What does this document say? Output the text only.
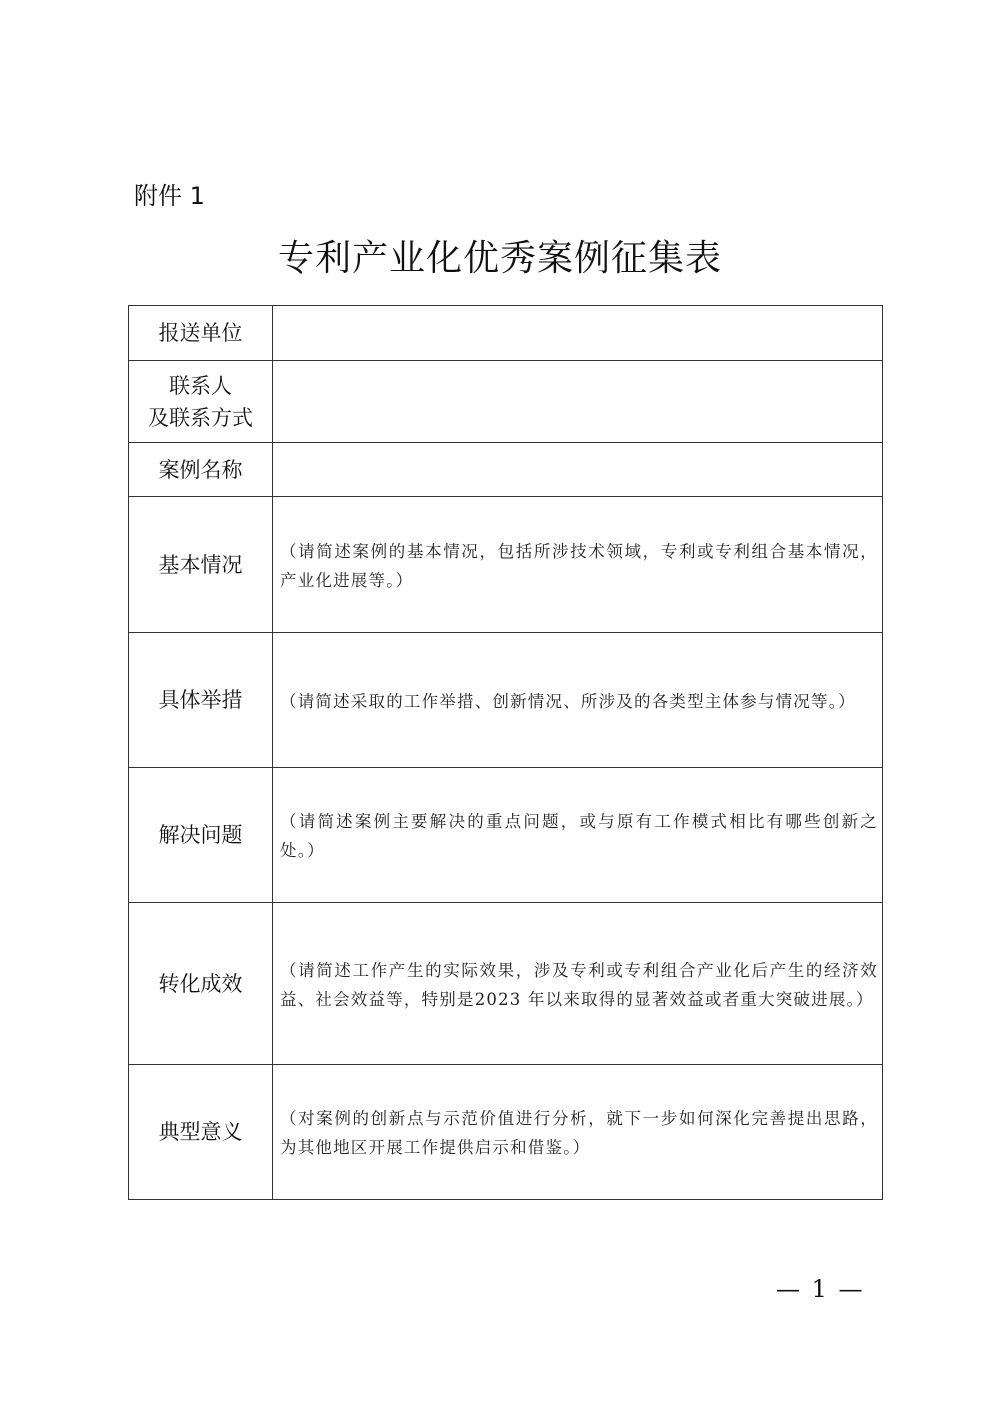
附件 1
专利产业化优秀案例征集表
报送单位	

联系人
及联系方式	

案例名称	

基本情况	（请简述案例的基本情况，包括所涉技术领域，专利或专利组合基本情况，产业化进展等。）

具体举措	（请简述采取的工作举措、创新情况、所涉及的各类型主体参与情况等。）

解决问题	（请简述案例主要解决的重点问题，或与原有工作模式相比有哪些创新之处。）

转化成效	（请简述工作产生的实际效果，涉及专利或专利组合产业化后产生的经济效益、社会效益等，特别是2023 年以来取得的显著效益或者重大突破进展。）

典型意义	（对案例的创新点与示范价值进行分析，就下一步如何深化完善提出思路，为其他地区开展工作提供启示和借鉴。）
— 1 —
